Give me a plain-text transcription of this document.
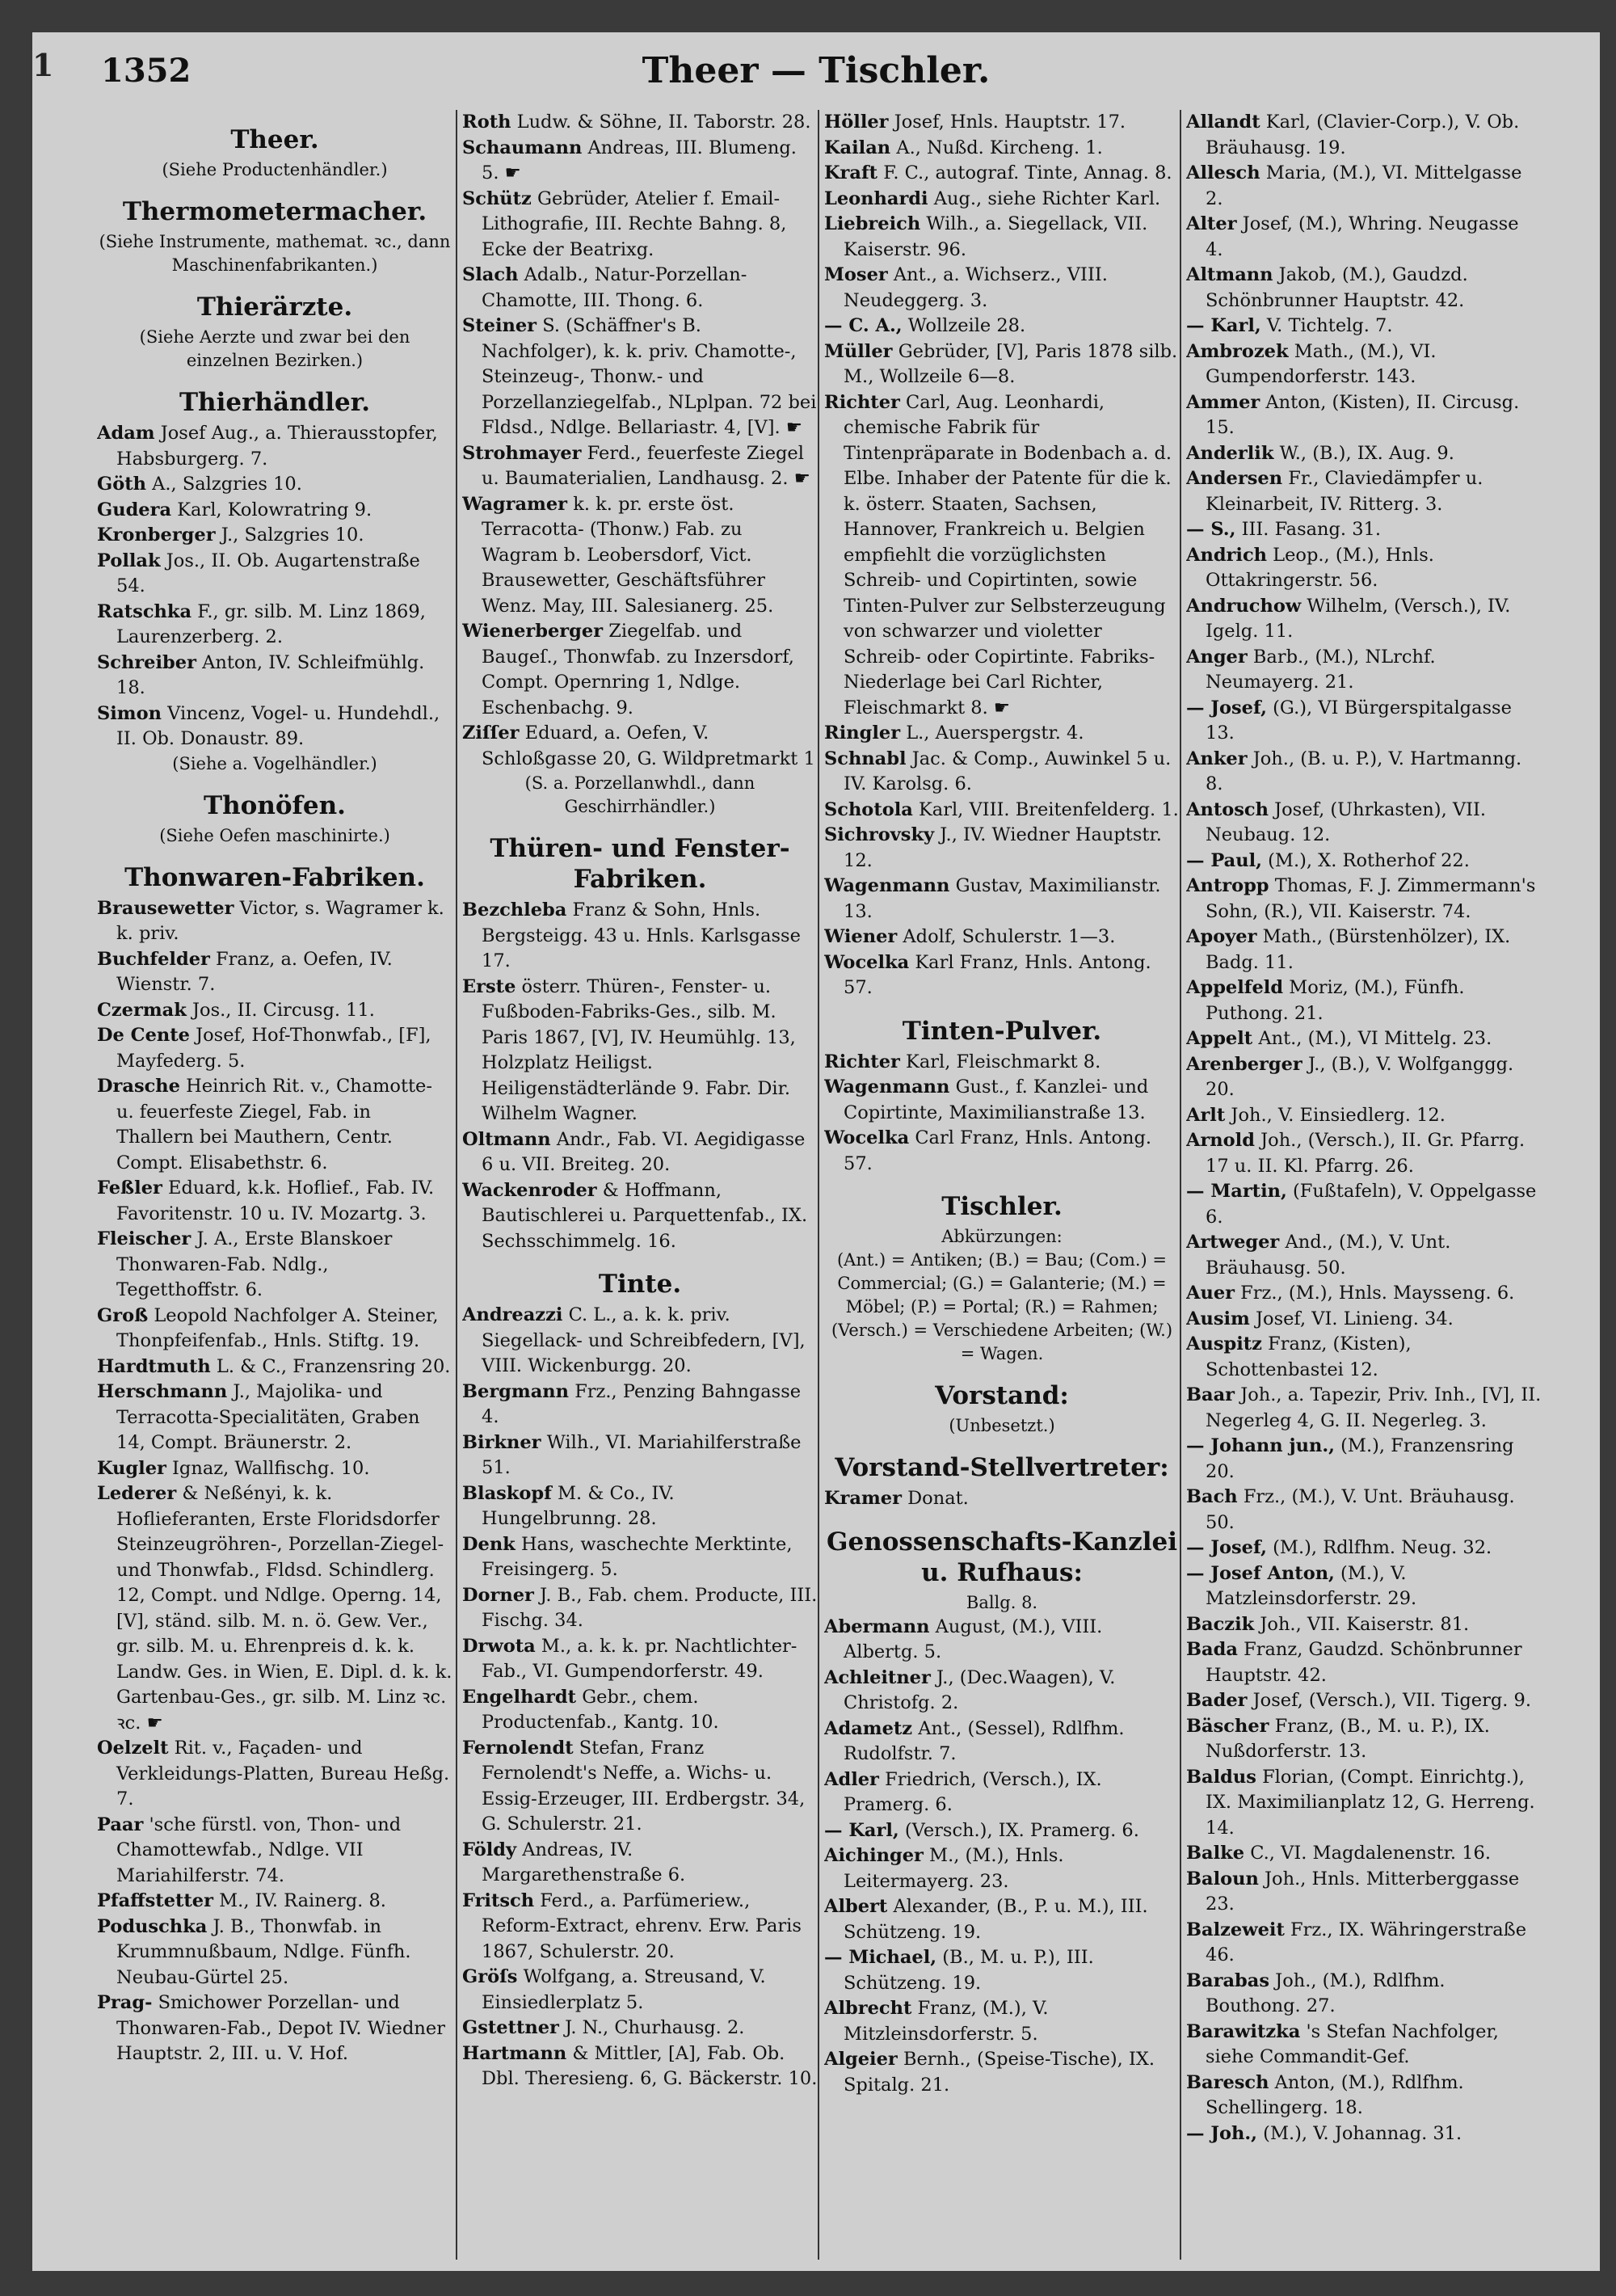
1 1352	Theer — Tischler.
Theer.
(Siehe Productenhändler.)
Thermometermacher.
(Siehe Instrumente, mathemat. ꝛc., dann Maschinenfabrikanten.)
Thierärzte.
(Siehe Aerzte und zwar bei den einzelnen Bezirken.)
Thierhändler.
Adam Josef Aug., a. Thierausstopfer, Habsburgerg. 7.
Göth A., Salzgries 10.
Gudera Karl, Kolowratring 9.
Kronberger J., Salzgries 10.
Pollak Jos., II. Ob. Augartenstraße 54.
Ratschka F., gr. silb. M. Linz 1869, Laurenzerberg. 2.
Schreiber Anton, IV. Schleifmühlg. 18.
Simon Vincenz, Vogel- u. Hundehdl., II. Ob. Donaustr. 89.
(Siehe a. Vogelhändler.)
Thonöfen.
(Siehe Oefen maschinirte.)
Thonwaren-Fabriken.
Brausewetter Victor, s. Wagramer k. k. priv.
Buchfelder Franz, a. Oefen, IV. Wienstr. 7.
Czermak Jos., II. Circusg. 11.
De Cente Josef, Hof-Thonwfab., [F], Mayfederg. 5.
Drasche Heinrich Rit. v., Chamotte- u. feuerfeste Ziegel, Fab. in Thallern bei Mauthern, Centr. Compt. Elisabethstr. 6.
Feßler Eduard, k.k. Hoflief., Fab. IV. Favoritenstr. 10 u. IV. Mozartg. 3.
Fleischer J. A., Erste Blanskoer Thonwaren-Fab. Ndlg., Tegetthoffstr. 6.
Groß Leopold Nachfolger A. Steiner, Thonpfeifenfab., Hnls. Stiftg. 19.
Hardtmuth L. & C., Franzensring 20.
Herschmann J., Majolika- und Terracotta-Specialitäten, Graben 14, Compt. Bräunerstr. 2.
Kugler Ignaz, Wallfischg. 10.
Lederer & Neßényi, k. k. Hoflieferanten, Erste Floridsdorfer Steinzeugröhren-, Porzellan-Ziegel- und Thonwfab., Fldsd. Schindlerg. 12, Compt. und Ndlge. Operng. 14, [V], ständ. silb. M. n. ö. Gew. Ver., gr. silb. M. u. Ehrenpreis d. k. k. Landw. Ges. in Wien, E. Dipl. d. k. k. Gartenbau-Ges., gr. silb. M. Linz ꝛc. ꝛc. ☛
Oelzelt Rit. v., Façaden- und Verkleidungs-Platten, Bureau Heßg. 7.
Paar 'sche fürstl. von, Thon- und Chamottewfab., Ndlge. VII Mariahilferstr. 74.
Pfaffstetter M., IV. Rainerg. 8.
Poduschka J. B., Thonwfab. in Krummnußbaum, Ndlge. Fünfh. Neubau-Gürtel 25.
Prag- Smichower Porzellan- und Thonwaren-Fab., Depot IV. Wiedner Hauptstr. 2, III. u. V. Hof.
Roth Ludw. & Söhne, II. Taborstr. 28.
Schaumann Andreas, III. Blumeng. 5. ☛
Schütz Gebrüder, Atelier f. Email-Lithografie, III. Rechte Bahng. 8, Ecke der Beatrixg.
Slach Adalb., Natur-Porzellan-Chamotte, III. Thong. 6.
Steiner S. (Schäffner's B. Nachfolger), k. k. priv. Chamotte-, Steinzeug-, Thonw.- und Porzellanziegelfab., NLplpan. 72 bei Fldsd., Ndlge. Bellariastr. 4, [V]. ☛
Strohmayer Ferd., feuerfeste Ziegel u. Baumaterialien, Landhausg. 2. ☛
Wagramer k. k. pr. erste öst. Terracotta- (Thonw.) Fab. zu Wagram b. Leobersdorf, Vict. Brausewetter, Geschäftsführer Wenz. May, III. Salesianerg. 25.
Wienerberger Ziegelfab. und Baugeſ., Thonwfab. zu Inzersdorf, Compt. Opernring 1, Ndlge. Eschenbachg. 9.
Ziſſer Eduard, a. Oefen, V. Schloßgasse 20, G. Wildpretmarkt 1
(S. a. Porzellanwhdl., dann Geschirrhändler.)
Thüren- und Fenster-Fabriken.
Bezchleba Franz & Sohn, Hnls. Bergsteigg. 43 u. Hnls. Karlsgasse 17.
Erste österr. Thüren-, Fenster- u. Fußboden-Fabriks-Ges., silb. M. Paris 1867, [V], IV. Heumühlg. 13, Holzplatz Heiligst. Heiligenstädterlände 9. Fabr. Dir. Wilhelm Wagner.
Oltmann Andr., Fab. VI. Aegidigasse 6 u. VII. Breiteg. 20.
Wackenroder & Hoffmann, Bautischlerei u. Parquettenfab., IX. Sechsschimmelg. 16.
Tinte.
Andreazzi C. L., a. k. k. priv. Siegellack- und Schreibfedern, [V], VIII. Wickenburgg. 20.
Bergmann Frz., Penzing Bahngasse 4.
Birkner Wilh., VI. Mariahilferstraße 51.
Blaskopf M. & Co., IV. Hungelbrunng. 28.
Denk Hans, waschechte Merktinte, Freisingerg. 5.
Dorner J. B., Fab. chem. Producte, III. Fischg. 34.
Drwota M., a. k. k. pr. Nachtlichter-Fab., VI. Gumpendorferstr. 49.
Engelhardt Gebr., chem. Productenfab., Kantg. 10.
Fernolendt Stefan, Franz Fernolendt's Neffe, a. Wichs- u. Essig-Erzeuger, III. Erdbergstr. 34, G. Schulerstr. 21.
Földy Andreas, IV. Margarethenstraße 6.
Fritsch Ferd., a. Parfümeriew., Reform-Extract, ehrenv. Erw. Paris 1867, Schulerstr. 20.
Gröſs Wolfgang, a. Streusand, V. Einsiedlerplatz 5.
Gstettner J. N., Churhausg. 2.
Hartmann & Mittler, [A], Fab. Ob. Dbl. Theresieng. 6, G. Bäckerstr. 10.
Höller Josef, Hnls. Hauptstr. 17.
Kailan A., Nußd. Kircheng. 1.
Kraft F. C., autograf. Tinte, Annag. 8.
Leonhardi Aug., siehe Richter Karl.
Liebreich Wilh., a. Siegellack, VII. Kaiserstr. 96.
Moser Ant., a. Wichserz., VIII. Neudeggerg. 3.
— C. A., Wollzeile 28.
Müller Gebrüder, [V], Paris 1878 silb. M., Wollzeile 6—8.
Richter Carl, Aug. Leonhardi, chemische Fabrik für Tintenpräparate in Bodenbach a. d. Elbe. Inhaber der Patente für die k. k. österr. Staaten, Sachsen, Hannover, Frankreich u. Belgien empfiehlt die vorzüglichsten Schreib- und Copirtinten, sowie Tinten-Pulver zur Selbsterzeugung von schwarzer und violetter Schreib- oder Copirtinte. Fabriks-Niederlage bei Carl Richter, Fleischmarkt 8. ☛
Ringler L., Auerspergstr. 4.
Schnabl Jac. & Comp., Auwinkel 5 u. IV. Karolsg. 6.
Schotola Karl, VIII. Breitenfelderg. 1.
Sichrovsky J., IV. Wiedner Hauptstr. 12.
Wagenmann Gustav, Maximilianstr. 13.
Wiener Adolf, Schulerstr. 1—3.
Wocelka Karl Franz, Hnls. Antong. 57.
Tinten-Pulver.
Richter Karl, Fleischmarkt 8.
Wagenmann Gust., f. Kanzlei- und Copirtinte, Maximilianstraße 13.
Wocelka Carl Franz, Hnls. Antong. 57.
Tischler.
Abkürzungen:
(Ant.) = Antiken; (B.) = Bau; (Com.) = Commercial; (G.) = Galanterie; (M.) = Möbel; (P.) = Portal; (R.) = Rahmen; (Versch.) = Verschiedene Arbeiten; (W.) = Wagen.
Vorstand:
(Unbesetzt.)
Vorstand-Stellvertreter:
Kramer Donat.
Genossenschafts-Kanzlei u. Rufhaus:
Ballg. 8.
Abermann August, (M.), VIII. Albertg. 5.
Achleitner J., (Dec.Waagen), V. Christofg. 2.
Adametz Ant., (Sessel), Rdlfhm. Rudolfstr. 7.
Adler Friedrich, (Versch.), IX. Pramerg. 6.
— Karl, (Versch.), IX. Pramerg. 6.
Aichinger M., (M.), Hnls. Leitermayerg. 23.
Albert Alexander, (B., P. u. M.), III. Schützeng. 19.
— Michael, (B., M. u. P.), III. Schützeng. 19.
Albrecht Franz, (M.), V. Mitzleinsdorferstr. 5.
Algeier Bernh., (Speise-Tische), IX. Spitalg. 21.
Allandt Karl, (Clavier-Corp.), V. Ob. Bräuhausg. 19.
Allesch Maria, (M.), VI. Mittelgasse 2.
Alter Josef, (M.), Whring. Neugasse 4.
Altmann Jakob, (M.), Gaudzd. Schönbrunner Hauptstr. 42.
— Karl, V. Tichtelg. 7.
Ambrozek Math., (M.), VI. Gumpendorferstr. 143.
Ammer Anton, (Kisten), II. Circusg. 15.
Anderlik W., (B.), IX. Aug. 9.
Andersen Fr., Claviedämpfer u. Kleinarbeit, IV. Ritterg. 3.
— S., III. Fasang. 31.
Andrich Leop., (M.), Hnls. Ottakringerstr. 56.
Andruchow Wilhelm, (Versch.), IV. Igelg. 11.
Anger Barb., (M.), NLrchf. Neumayerg. 21.
— Josef, (G.), VI Bürgerspitalgasse 13.
Anker Joh., (B. u. P.), V. Hartmanng. 8.
Antosch Josef, (Uhrkasten), VII. Neubaug. 12.
— Paul, (M.), X. Rotherhof 22.
Antropp Thomas, F. J. Zimmermann's Sohn, (R.), VII. Kaiserstr. 74.
Apoyer Math., (Bürstenhölzer), IX. Badg. 11.
Appelfeld Moriz, (M.), Fünfh. Puthong. 21.
Appelt Ant., (M.), VI Mittelg. 23.
Arenberger J., (B.), V. Wolfganggg. 20.
Arlt Joh., V. Einsiedlerg. 12.
Arnold Joh., (Versch.), II. Gr. Pfarrg. 17 u. II. Kl. Pfarrg. 26.
— Martin, (Fußtafeln), V. Oppelgasse 6.
Artweger And., (M.), V. Unt. Bräuhausg. 50.
Auer Frz., (M.), Hnls. Maysseng. 6.
Ausim Josef, VI. Linieng. 34.
Auspitz Franz, (Kisten), Schottenbastei 12.
Baar Joh., a. Tapezir, Priv. Inh., [V], II. Negerleg 4, G. II. Negerleg. 3.
— Johann jun., (M.), Franzensring 20.
Bach Frz., (M.), V. Unt. Bräuhausg. 50.
— Josef, (M.), Rdlfhm. Neug. 32.
— Josef Anton, (M.), V. Matzleinsdorferstr. 29.
Baczik Joh., VII. Kaiserstr. 81.
Bada Franz, Gaudzd. Schönbrunner Hauptstr. 42.
Bader Josef, (Versch.), VII. Tigerg. 9.
Bäscher Franz, (B., M. u. P.), IX. Nußdorferstr. 13.
Baldus Florian, (Compt. Einrichtg.), IX. Maximilianplatz 12, G. Herreng. 14.
Balke C., VI. Magdalenenstr. 16.
Baloun Joh., Hnls. Mitterberggasse 23.
Balzeweit Frz., IX. Währingerstraße 46.
Barabas Joh., (M.), Rdlfhm. Bouthong. 27.
Barawitzka 's Stefan Nachfolger, siehe Commandit-Gef.
Baresch Anton, (M.), Rdlfhm. Schellingerg. 18.
— Joh., (M.), V. Johannag. 31.
